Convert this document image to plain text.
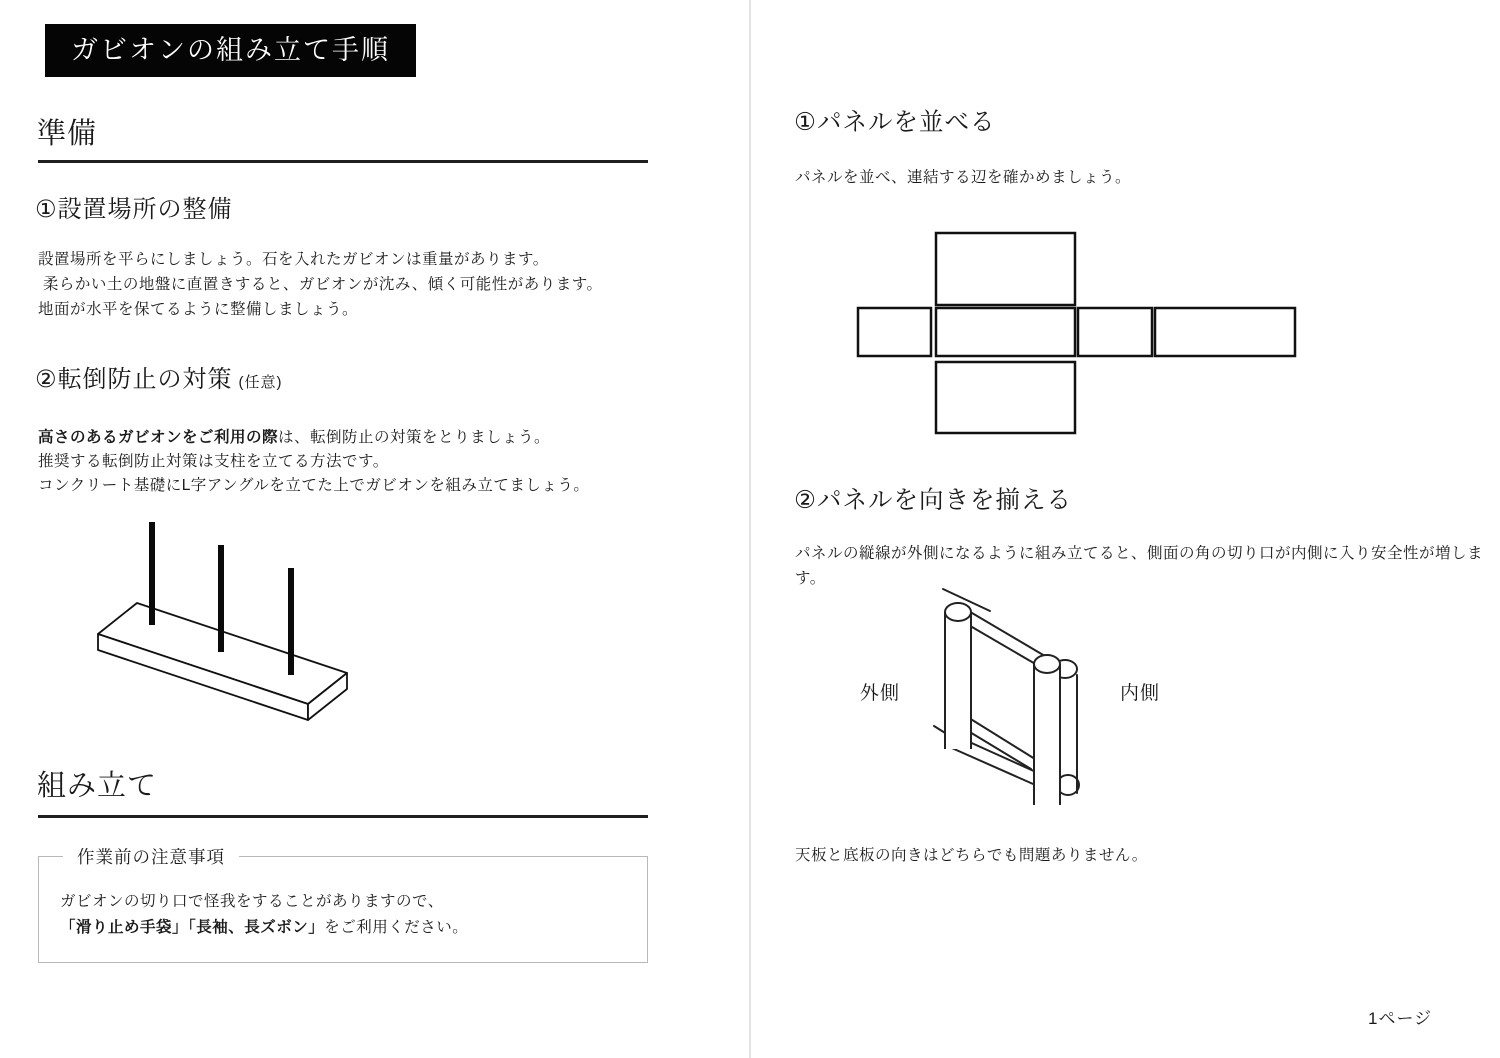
ガビオンの組み立て手順
準備
①設置場所の整備
設置場所を平らにしましょう。石を入れたガビオンは重量があります。
柔らかい土の地盤に直置きすると、ガビオンが沈み、傾く可能性があります。
地面が水平を保てるように整備しましょう。
②転倒防止の対策 (任意)
高さのあるガビオンをご利用の際は、転倒防止の対策をとりましょう。
推奨する転倒防止対策は支柱を立てる方法です。
コンクリート基礎にL字アングルを立てた上でガビオンを組み立てましょう。
組み立て
作業前の注意事項
ガビオンの切り口で怪我をすることがありますので、
「滑り止め手袋」「長袖、長ズボン」をご利用ください。
①パネルを並べる
パネルを並べ、連結する辺を確かめましょう。
②パネルを向きを揃える
パネルの縦線が外側になるように組み立てると、側面の角の切り口が内側に入り安全性が増します。
外側	内側
天板と底板の向きはどちらでも問題ありません。
1ページ
